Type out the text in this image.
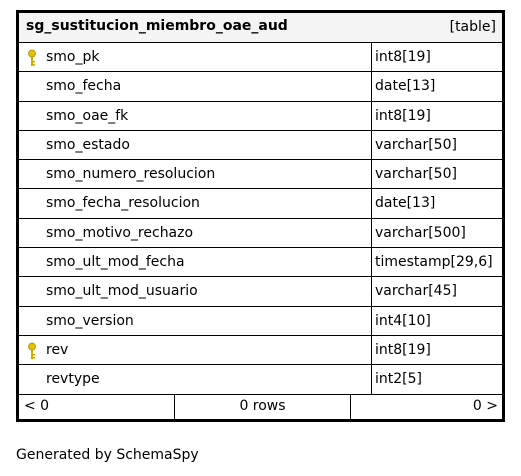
sg_sustitucion_miembro_oae_aud	[table]
smo_pk	int8[19]
smo_fecha	date[13]
smo_oae_fk	int8[19]
smo_estado	varchar[50]
smo_numero_resolucion	varchar[50]
smo_fecha_resolucion	date[13]
smo_motivo_rechazo	varchar[500]
smo_ult_mod_fecha	timestamp[29,6]
smo_ult_mod_usuario	varchar[45]
smo_version	int4[10]
rev	int8[19]
revtype	int2[5]
< 0	0 rows	0 >
Generated by SchemaSpy
